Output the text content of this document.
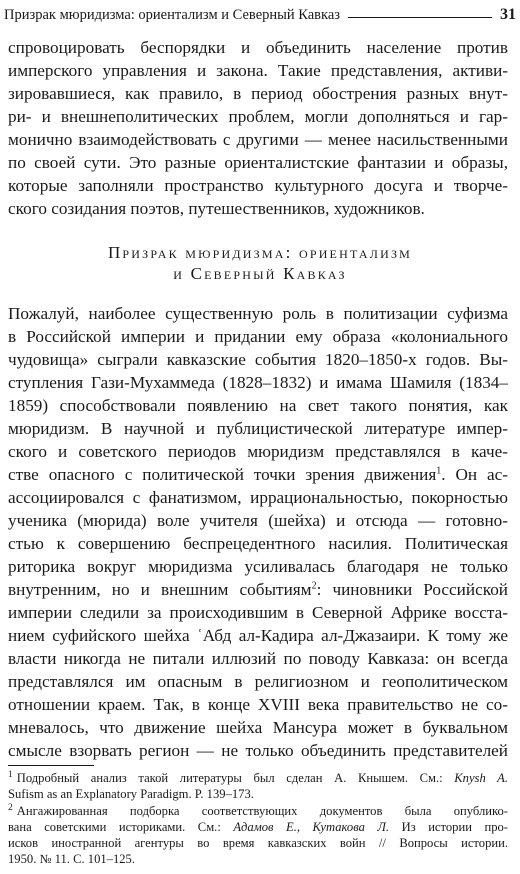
Призрак мюридизма: ориентализм и Северный Кавказ	31
спровоцировать беспорядки и объединить население против
имперского управления и закона. Такие представления, активи-
зировавшиеся, как правило, в период обострения разных внут-
ри- и внешнеполитических проблем, могли дополняться и гар-
монично взаимодействовать с другими — менее насильственными
по своей сути. Это разные ориенталистские фантазии и образы,
которые заполняли пространство культурного досуга и творче-
ского созидания поэтов, путешественников, художников.
Призрак мюридизма: ориентализм
и Северный Кавказ
Пожалуй, наиболее существенную роль в политизации суфизма
в Российской империи и придании ему образа «колониального
чудовища» сыграли кавказские события 1820–1850-х годов. Вы-
ступления Гази-Мухаммеда (1828–1832) и имама Шамиля (1834–
1859) способствовали появлению на свет такого понятия, как
мюридизм. В научной и публицистической литературе импер-
ского и советского периодов мюридизм представлялся в каче-
стве опасного с политической точки зрения движения$^1$. Он ас-
ассоциировался с фанатизмом, иррациональностью, покорностью
ученика (мюрида) воле учителя (шейха) и отсюда — готовно-
стью к совершению беспрецедентного насилия. Политическая
риторика вокруг мюридизма усиливалась благодаря не только
внутренним, но и внешним событиям$^2$: чиновники Российской
империи следили за происходившим в Северной Африке восста-
нием суфийского шейха ʿАбд ал-Кадира ал-Джазаири. К тому же
власти никогда не питали иллюзий по поводу Кавказа: он всегда
представлялся им опасным в религиозном и геополитическом
отношении краем. Так, в конце XVIII века правительство не со-
мневалось, что движение шейха Мансура может в буквальном
смысле взорвать регион — не только объединить представителей
$^1$ Подробный анализ такой литературы был сделан А. Кнышем. См.: Knysh A.
Sufism as an Explanatory Paradigm. P. 139–173.
$^2$ Ангажированная подборка соответствующих документов была опублико-
вана советскими историками. См.: Адамов Е., Кутакова Л. Из истории про-
исков иностранной агентуры во время кавказских войн // Вопросы истории.
1950. № 11. С. 101–125.
